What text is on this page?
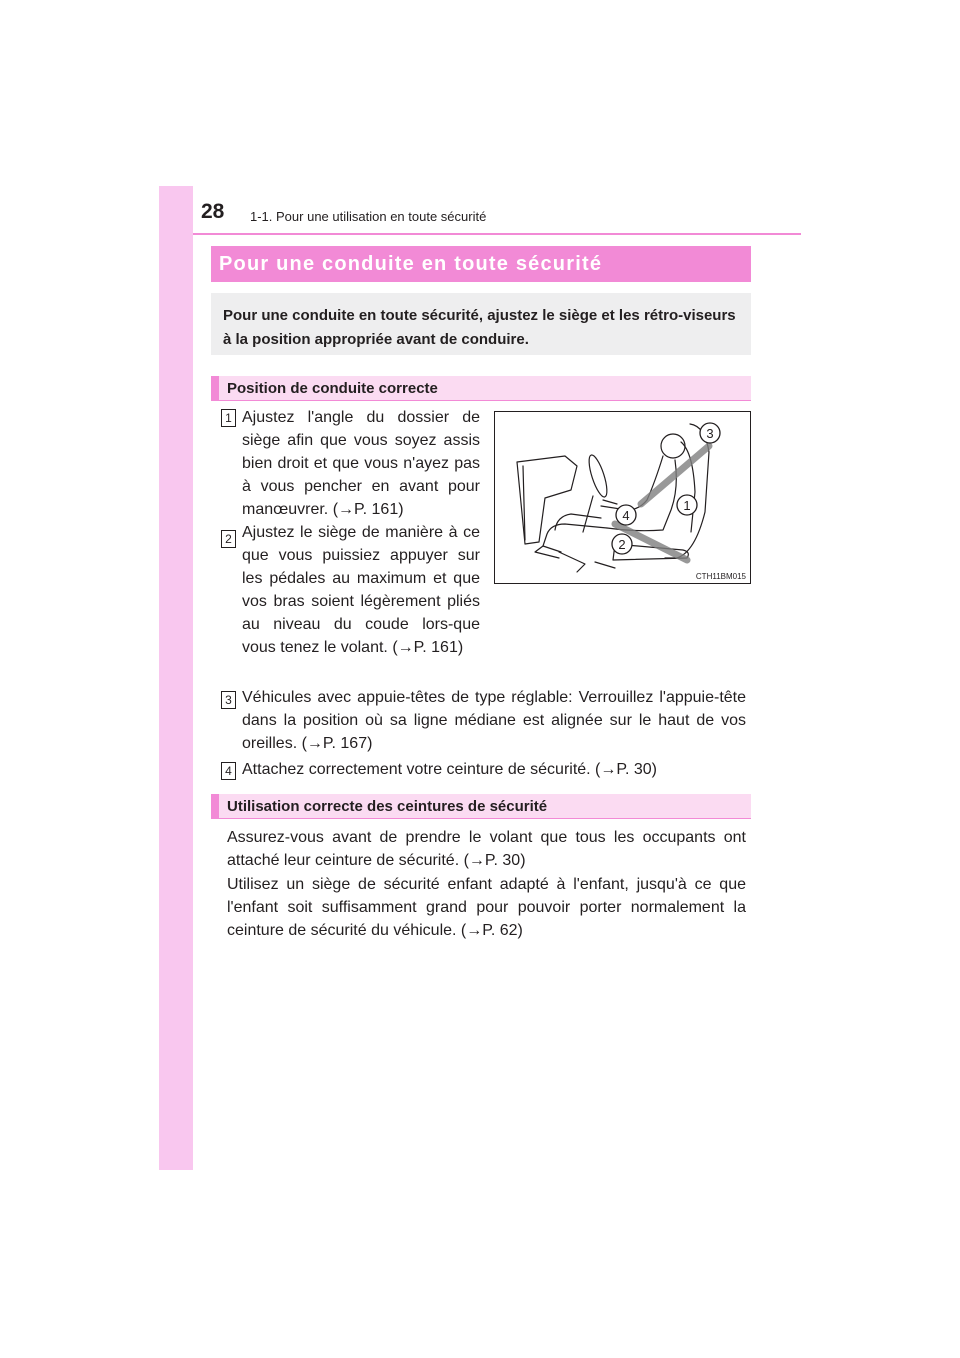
28 1-1. Pour une utilisation en toute sécurité
Pour une conduite en toute sécurité
Pour une conduite en toute sécurité, ajustez le siège et les rétro-viseurs à la position appropriée avant de conduire.
Position de conduite correcte
1 Ajustez l'angle du dossier de siège afin que vous soyez assis bien droit et que vous n'ayez pas à vous pencher en avant pour manœuvrer. (→P. 161)
2 Ajustez le siège de manière à ce que vous puissiez appuyer sur les pédales au maximum et que vos bras soient légèrement pliés au niveau du coude lors-que vous tenez le volant. (→P. 161)
3 Véhicules avec appuie-têtes de type réglable: Verrouillez l'appuie-tête dans la position où sa ligne médiane est alignée sur le haut de vos oreilles. (→P. 167)
4 Attachez correctement votre ceinture de sécurité. (→P. 30)
3
1
4
2
CTH11BM015
Utilisation correcte des ceintures de sécurité
Assurez-vous avant de prendre le volant que tous les occupants ont attaché leur ceinture de sécurité. (→P. 30)
Utilisez un siège de sécurité enfant adapté à l'enfant, jusqu'à ce que l'enfant soit suffisamment grand pour pouvoir porter normalement la ceinture de sécurité du véhicule. (→P. 62)
